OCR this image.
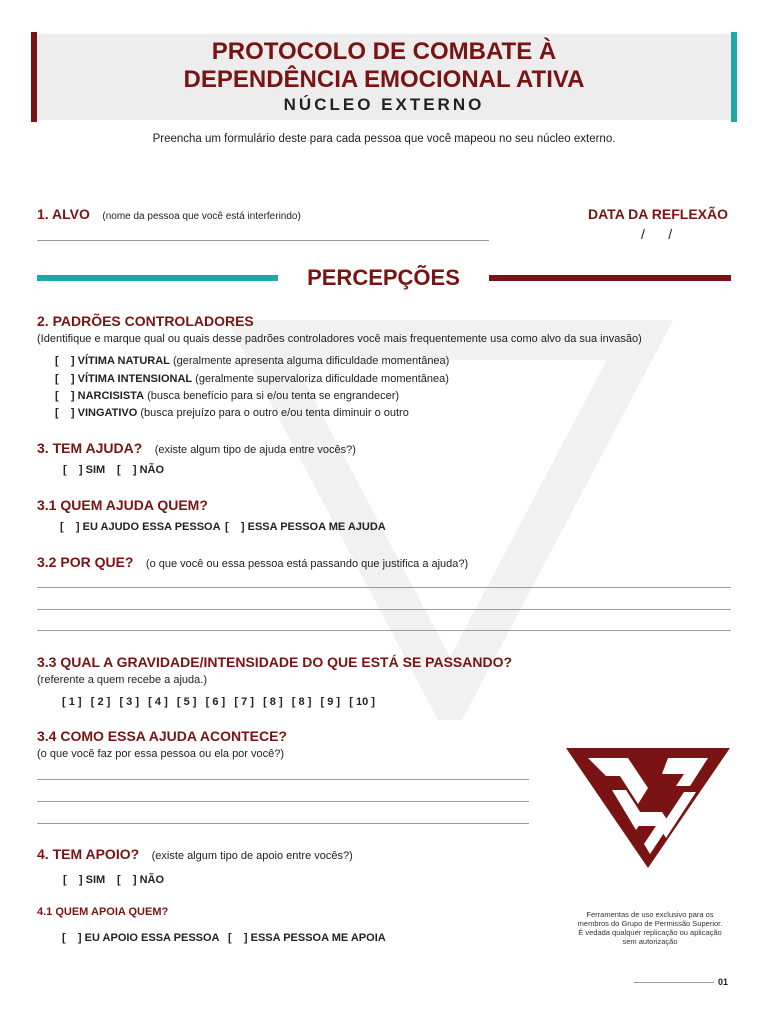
PROTOCOLO DE COMBATE À
DEPENDÊNCIA EMOCIONAL ATIVA
NÚCLEO EXTERNO
Preencha um formulário deste para cada pessoa que você mapeou no seu núcleo externo.
1. ALVO (nome da pessoa que você está interferindo)	DATA DA REFLEXÃO
/      /
PERCEPÇÕES
2. PADRÕES CONTROLADORES
(Identifique e marque qual ou quais desse padrões controladores você mais frequentemente usa como alvo da sua invasão)
[    ] VÍTIMA NATURAL (geralmente apresenta alguma dificuldade momentânea)
[    ] VÍTIMA INTENSIONAL (geralmente supervaloriza dificuldade momentânea)
[    ] NARCISISTA (busca benefício para si e/ou tenta se engrandecer)
[    ] VINGATIVO (busca prejuízo para o outro e/ou tenta diminuir o outro
3. TEM AJUDA? (existe algum tipo de ajuda entre vocês?)
[    ] SIM [    ] NÃO
3.1 QUEM AJUDA QUEM?
[    ] EU AJUDO ESSA PESSOA [    ] ESSA PESSOA ME AJUDA
3.2 POR QUE? (o que você ou essa pessoa está passando que justifica a ajuda?)
3.3 QUAL A GRAVIDADE/INTENSIDADE DO QUE ESTÁ SE PASSANDO?
(referente a quem recebe a ajuda.)
[ 1 ]   [ 2 ]   [ 3 ]   [ 4 ]   [ 5 ]   [ 6 ]   [ 7 ]   [ 8 ]   [ 8 ]   [ 9 ]   [ 10 ]
3.4 COMO ESSA AJUDA ACONTECE?
(o que você faz por essa pessoa ou ela por você?)
4. TEM APOIO? (existe algum tipo de apoio entre vocês?)
[    ] SIM [    ] NÃO
4.1 QUEM APOIA QUEM?
[    ] EU APOIO ESSA PESSOA [    ] ESSA PESSOA ME APOIA
Ferramentas de uso exclusivo para os
membros do Grupo de Permissão Superior.
É vedada qualquer replicação ou aplicação
sem autorização
01
